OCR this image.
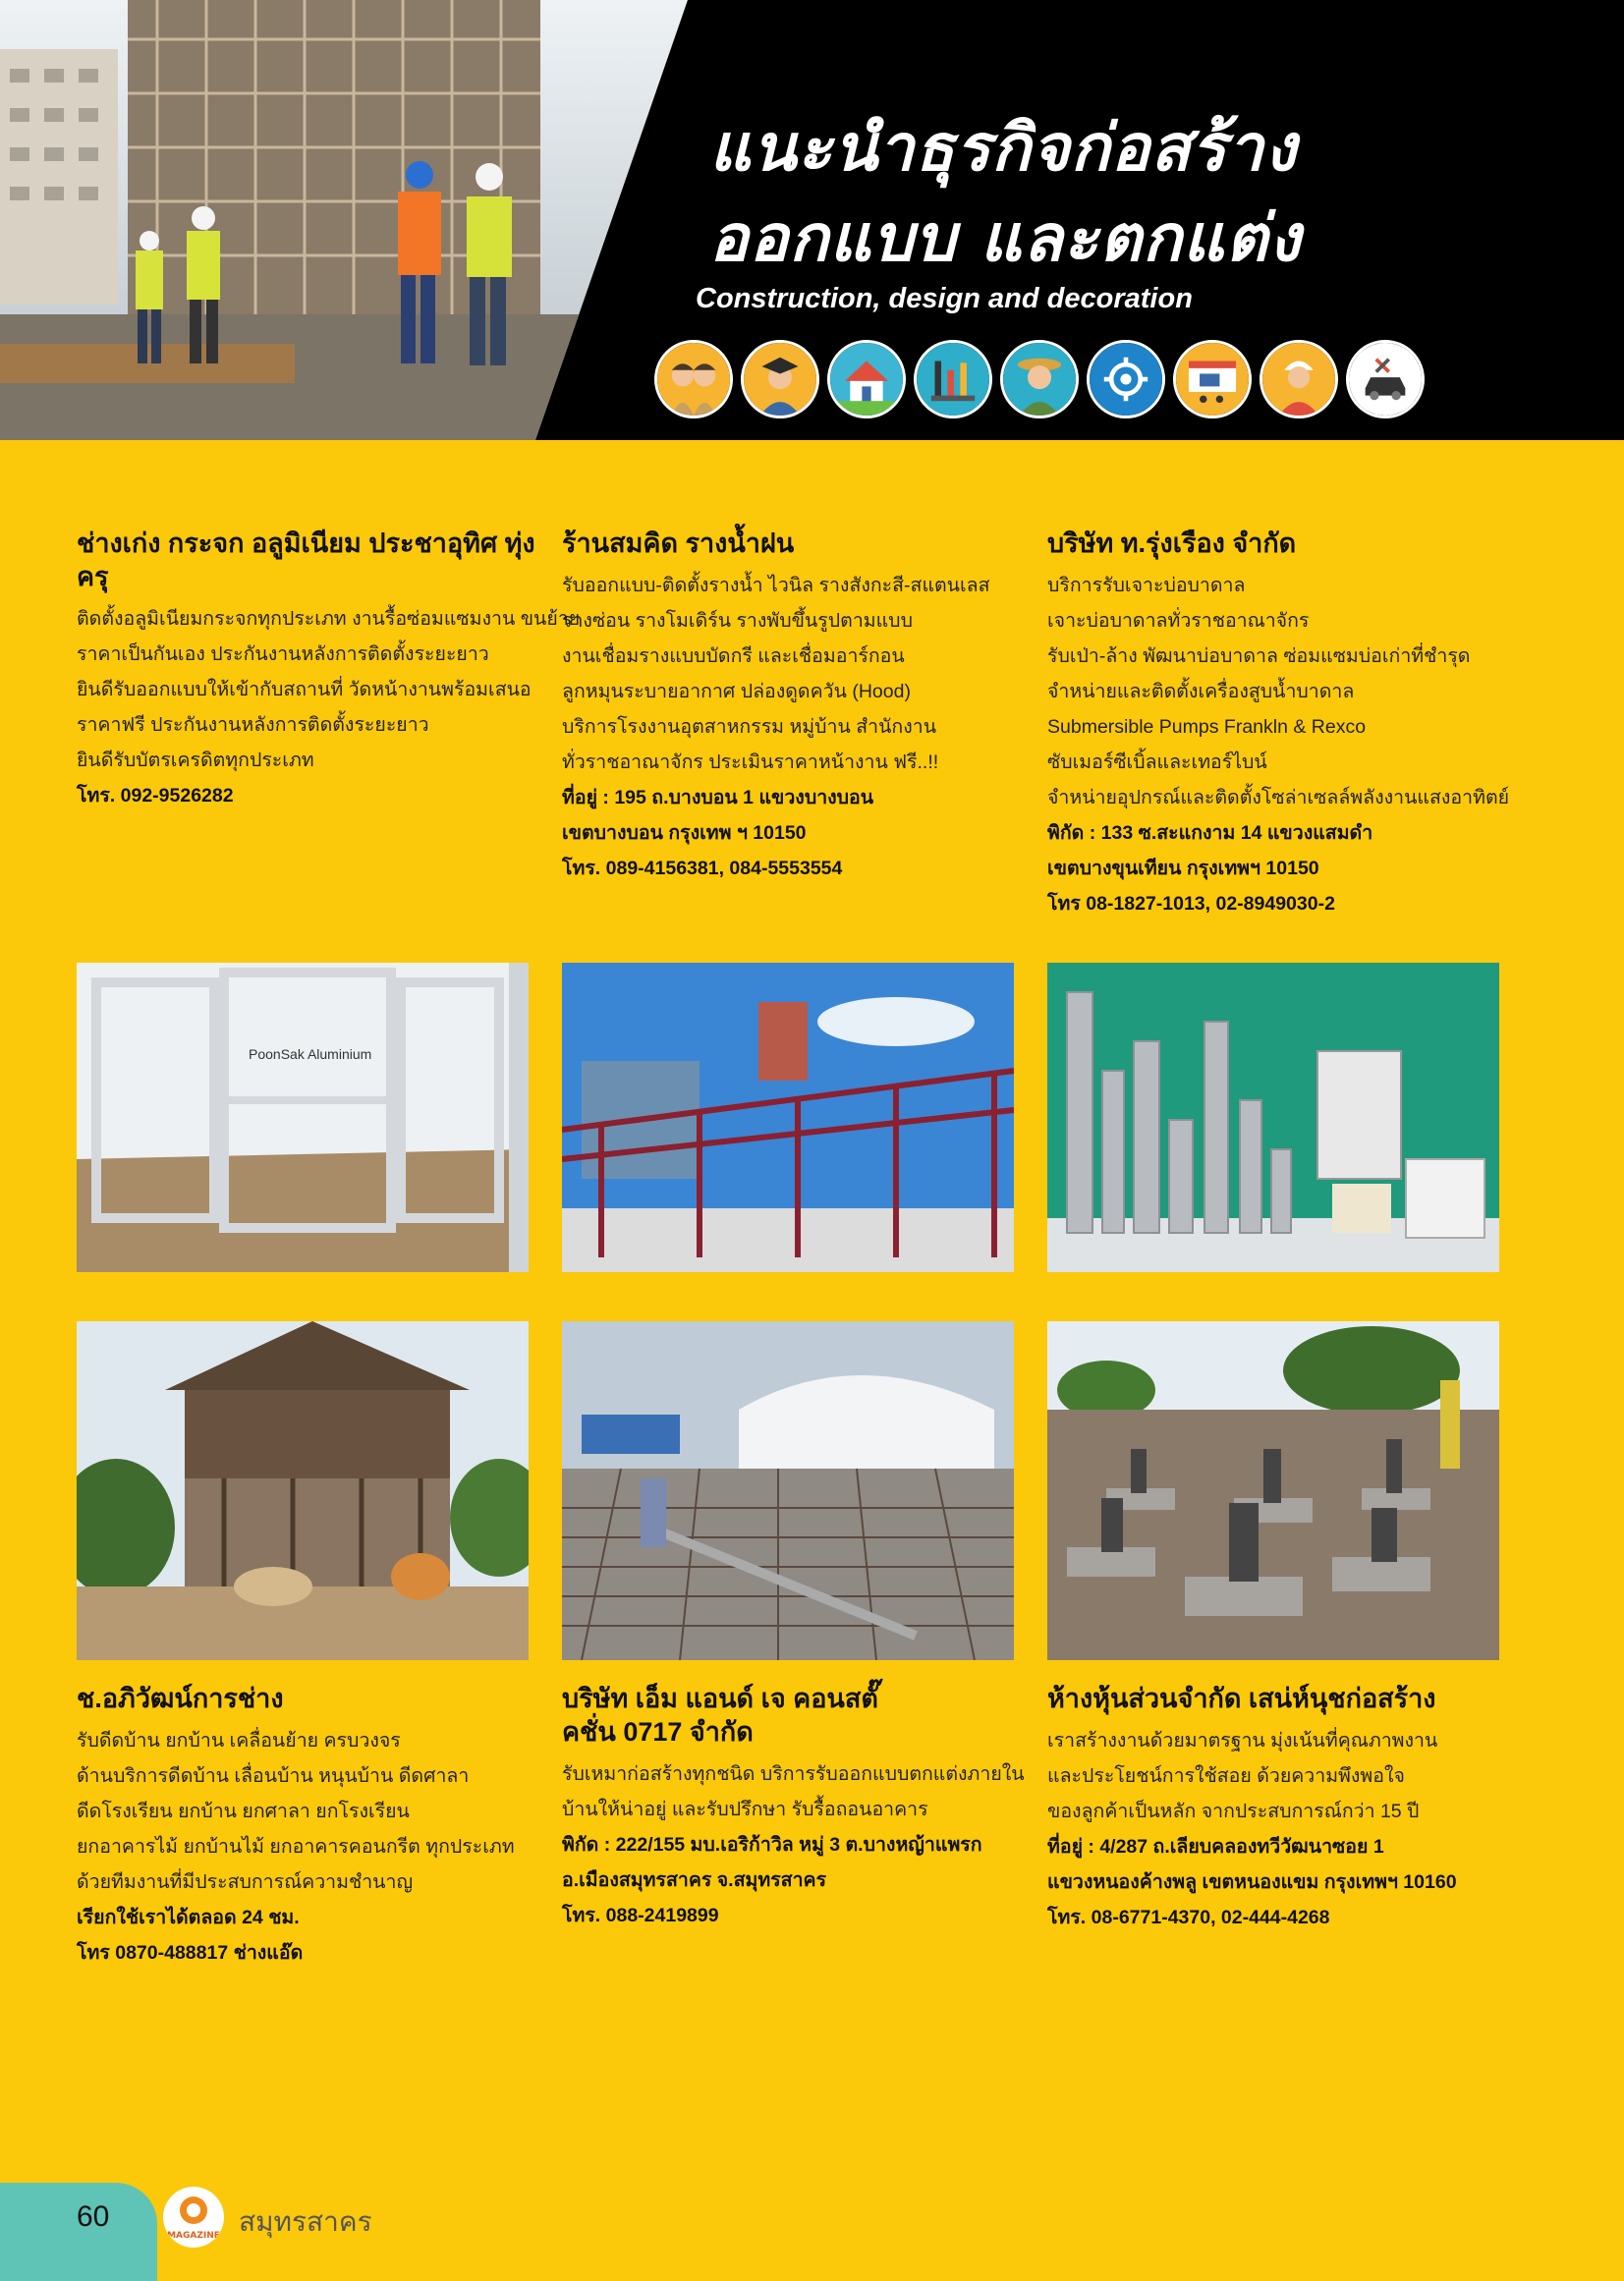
แนะนำธุรกิจก่อสร้าง
ออกแบบ และตกแต่ง
Construction, design and decoration
ช่างเก่ง กระจก อลูมิเนียม ประชาอุทิศ ทุ่งครุ

ติดตั้งอลูมิเนียมกระจกทุกประเภท งานรื้อซ่อมแซมงาน ขนย้าย

ราคาเป็นกันเอง ประกันงานหลังการติดตั้งระยะยาว

ยินดีรับออกแบบให้เข้ากับสถานที่ วัดหน้างานพร้อมเสนอ

ราคาฟรี ประกันงานหลังการติดตั้งระยะยาว

ยินดีรับบัตรเครดิตทุกประเภท

โทร. 092-9526282

ร้านสมคิด รางน้ำฝน

รับออกแบบ-ติดตั้งรางน้ำ ไวนิล รางสังกะสี-สแตนเลส

รางซ่อน รางโมเดิร์น รางพับขึ้นรูปตามแบบ

งานเชื่อมรางแบบบัดกรี และเชื่อมอาร์กอน

ลูกหมุนระบายอากาศ ปล่องดูดควัน (Hood)

บริการโรงงานอุตสาหกรรม หมู่บ้าน สำนักงาน

ทั่วราชอาณาจักร ประเมินราคาหน้างาน ฟรี..!!

ที่อยู่ : 195 ถ.บางบอน 1 แขวงบางบอน

เขตบางบอน กรุงเทพ ฯ 10150

โทร. 089-4156381, 084-5553554

บริษัท ท.รุ่งเรือง จำกัด

บริการรับเจาะบ่อบาดาล

เจาะบ่อบาดาลทั่วราชอาณาจักร

รับเป่า-ล้าง พัฒนาบ่อบาดาล ซ่อมแซมบ่อเก่าที่ชำรุด

จำหน่ายและติดตั้งเครื่องสูบน้ำบาดาล

Submersible Pumps Frankln & Rexco

ซับเมอร์ซีเบิ้ลและเทอร์ไบน์

จำหน่ายอุปกรณ์และติดตั้งโซล่าเซลล์พลังงานแสงอาทิตย์

พิกัด : 133 ซ.สะแกงาม 14 แขวงแสมดำ

เขตบางขุนเทียน กรุงเทพฯ 10150

โทร 08-1827-1013, 02-8949030-2

PoonSak Aluminium
ช.อภิวัฒน์การช่าง

รับดีดบ้าน ยกบ้าน เคลื่อนย้าย ครบวงจร

ด้านบริการดีดบ้าน เลื่อนบ้าน หนุนบ้าน ดีดศาลา

ดีดโรงเรียน ยกบ้าน ยกศาลา ยกโรงเรียน

ยกอาคารไม้ ยกบ้านไม้ ยกอาคารคอนกรีต ทุกประเภท

ด้วยทีมงานที่มีประสบการณ์ความชำนาญ

เรียกใช้เราได้ตลอด 24 ชม.

โทร 0870-488817 ช่างแอ๊ด

บริษัท เอ็ม แอนด์ เจ คอนสตั๊คชั่น 0717 จำกัด

รับเหมาก่อสร้างทุกชนิด บริการรับออกแบบตกแต่งภายใน

บ้านให้น่าอยู่ และรับปรึกษา รับรื้อถอนอาคาร

พิกัด : 222/155 มบ.เอริก้าวิล หมู่ 3 ต.บางหญ้าแพรก

อ.เมืองสมุทรสาคร จ.สมุทรสาคร

โทร. 088-2419899

ห้างหุ้นส่วนจำกัด เสน่ห์นุชก่อสร้าง

เราสร้างงานด้วยมาตรฐาน มุ่งเน้นที่คุณภาพงาน

และประโยชน์การใช้สอย ด้วยความพึงพอใจ

ของลูกค้าเป็นหลัก จากประสบการณ์กว่า 15 ปี

ที่อยู่ : 4/287 ถ.เลียบคลองทวีวัฒนาซอย 1

แขวงหนองค้างพลู เขตหนองแขม กรุงเทพฯ 10160

โทร. 08-6771-4370, 02-444-4268

60
MAGAZINE สมุทรสาคร
